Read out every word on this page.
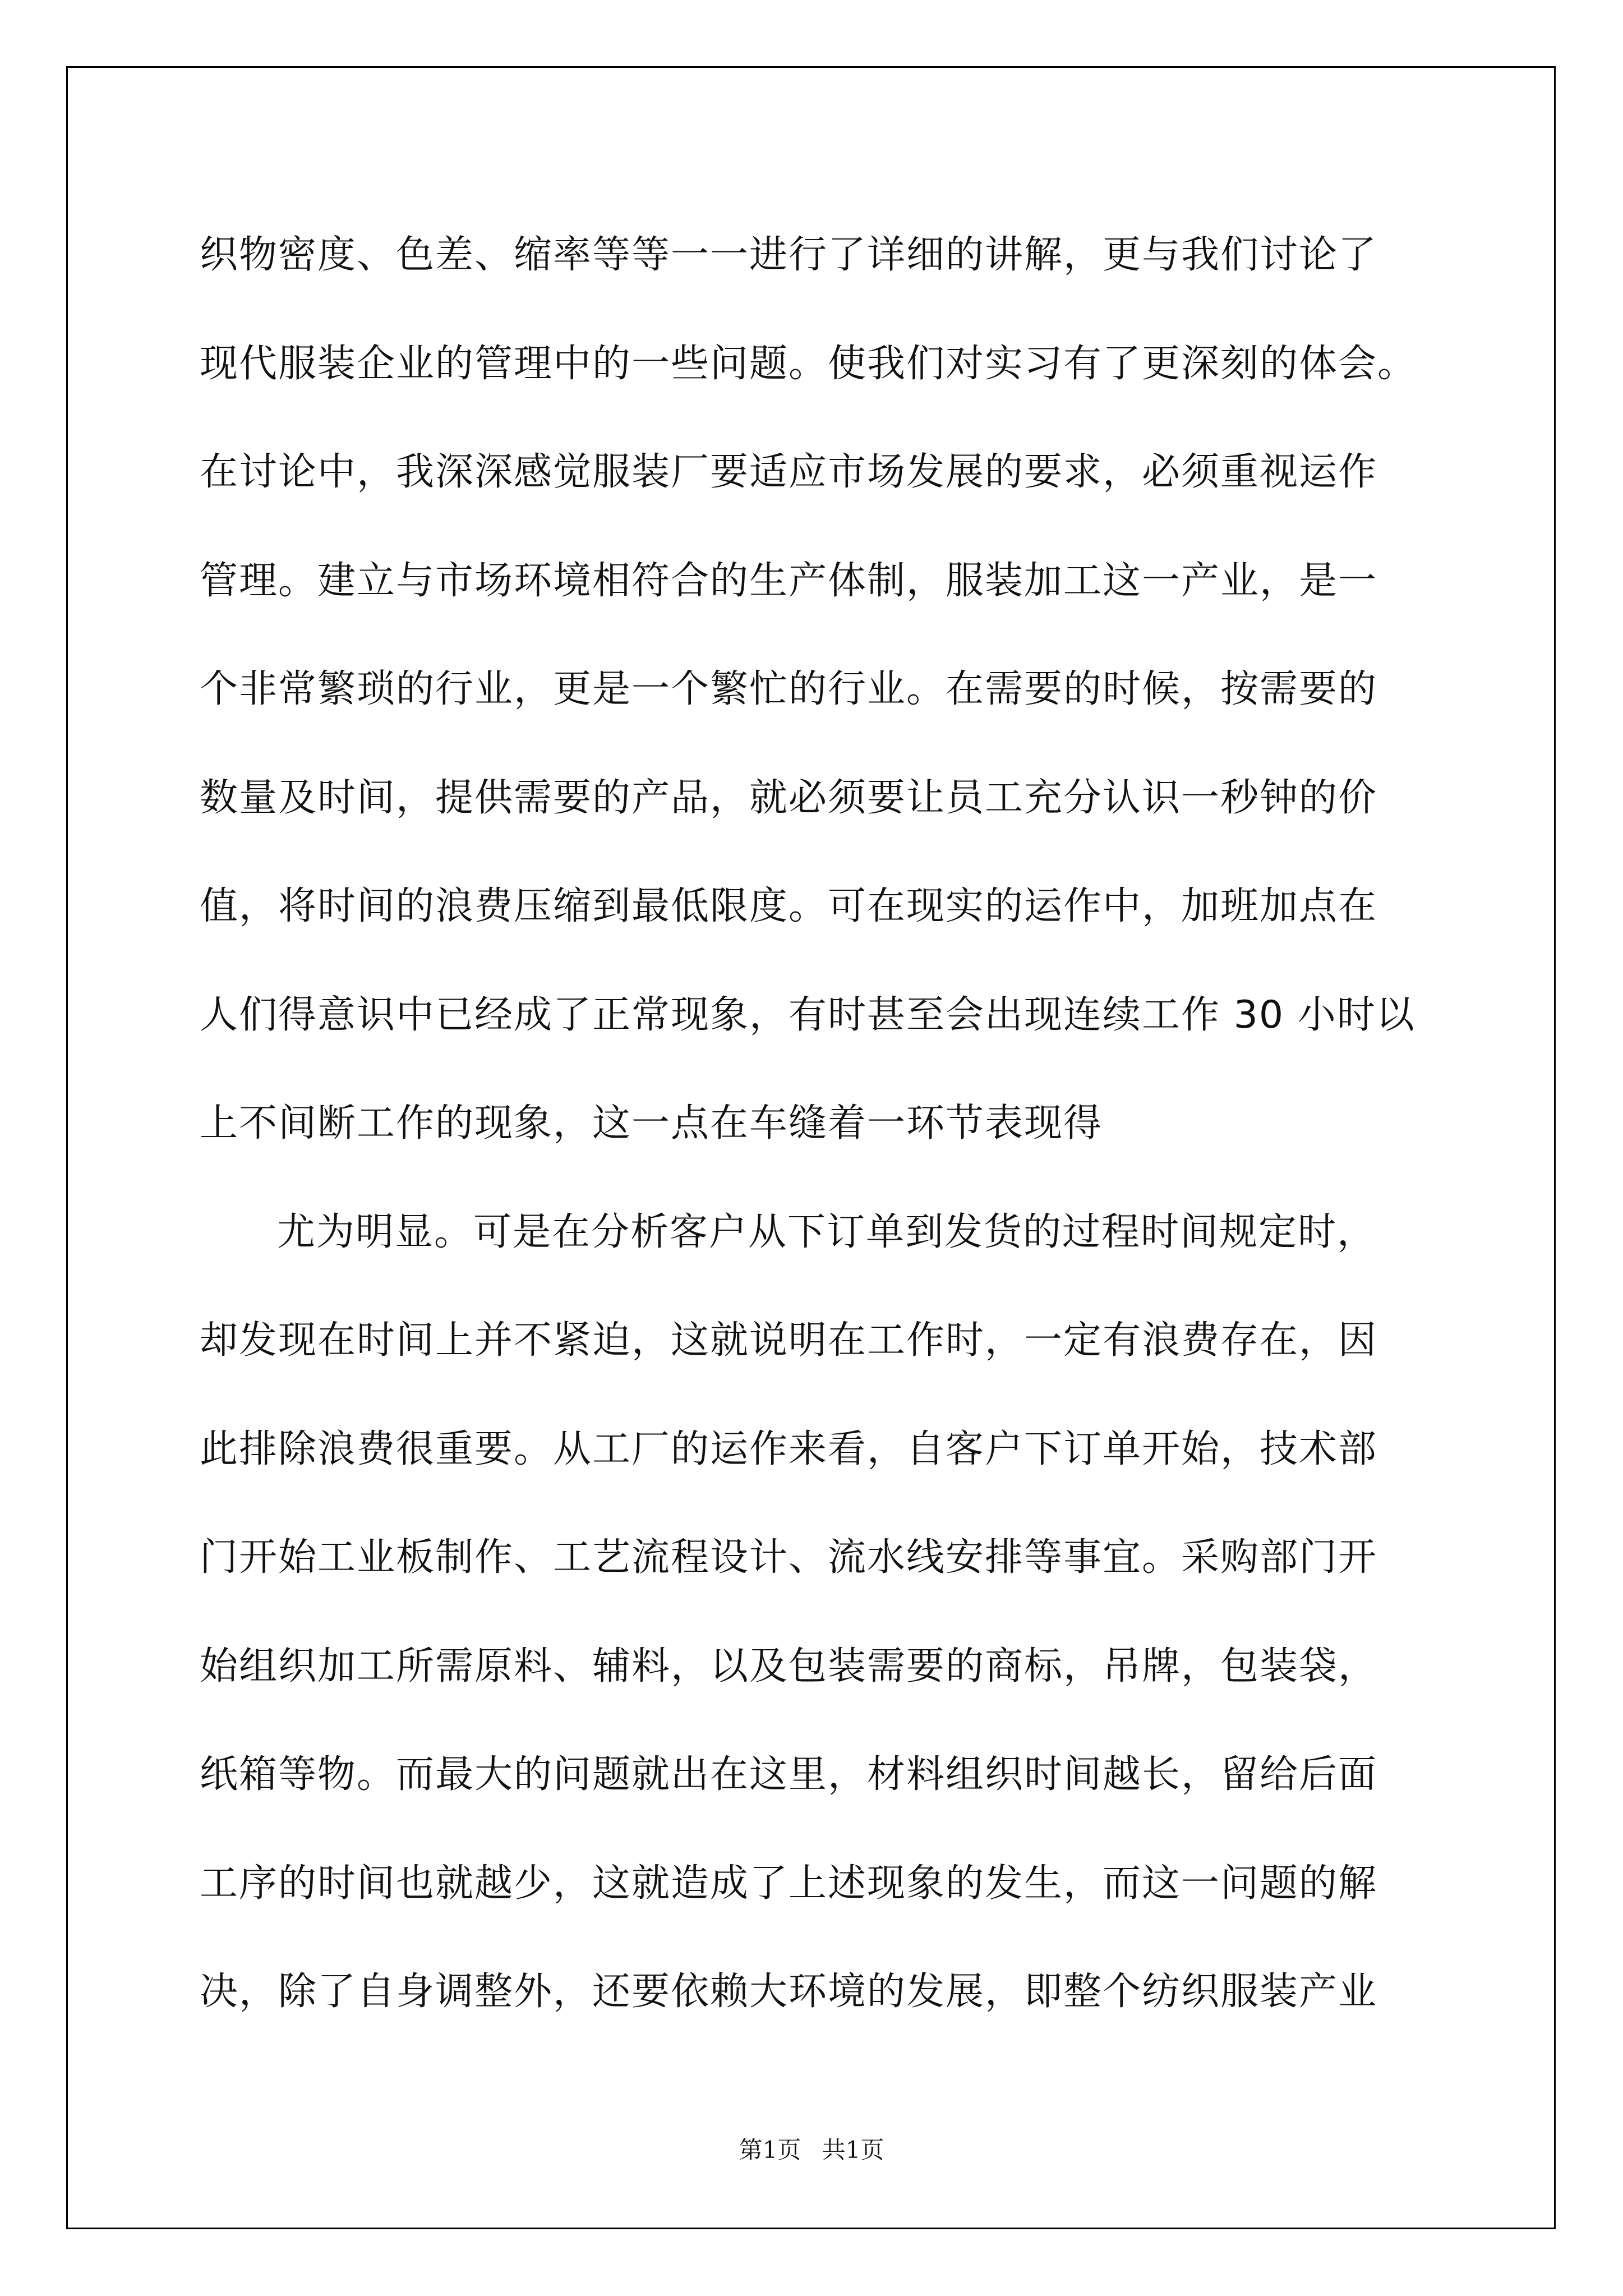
织物密度、色差、缩率等等一一进行了详细的讲解，更与我们讨论了
现代服装企业的管理中的一些问题。使我们对实习有了更深刻的体会。
在讨论中，我深深感觉服装厂要适应市场发展的要求，必须重视运作
管理。建立与市场环境相符合的生产体制，服装加工这一产业，是一
个非常繁琐的行业，更是一个繁忙的行业。在需要的时候，按需要的
数量及时间，提供需要的产品，就必须要让员工充分认识一秒钟的价
值，将时间的浪费压缩到最低限度。可在现实的运作中，加班加点在
人们得意识中已经成了正常现象，有时甚至会出现连续工作 30 小时以
上不间断工作的现象，这一点在车缝着一环节表现得
尤为明显。可是在分析客户从下订单到发货的过程时间规定时，
却发现在时间上并不紧迫，这就说明在工作时，一定有浪费存在，因
此排除浪费很重要。从工厂的运作来看，自客户下订单开始，技术部
门开始工业板制作、工艺流程设计、流水线安排等事宜。采购部门开
始组织加工所需原料、辅料，以及包装需要的商标，吊牌，包装袋，
纸箱等物。而最大的问题就出在这里，材料组织时间越长，留给后面
工序的时间也就越少，这就造成了上述现象的发生，而这一问题的解
决，除了自身调整外，还要依赖大环境的发展，即整个纺织服装产业
第1页 共1页
